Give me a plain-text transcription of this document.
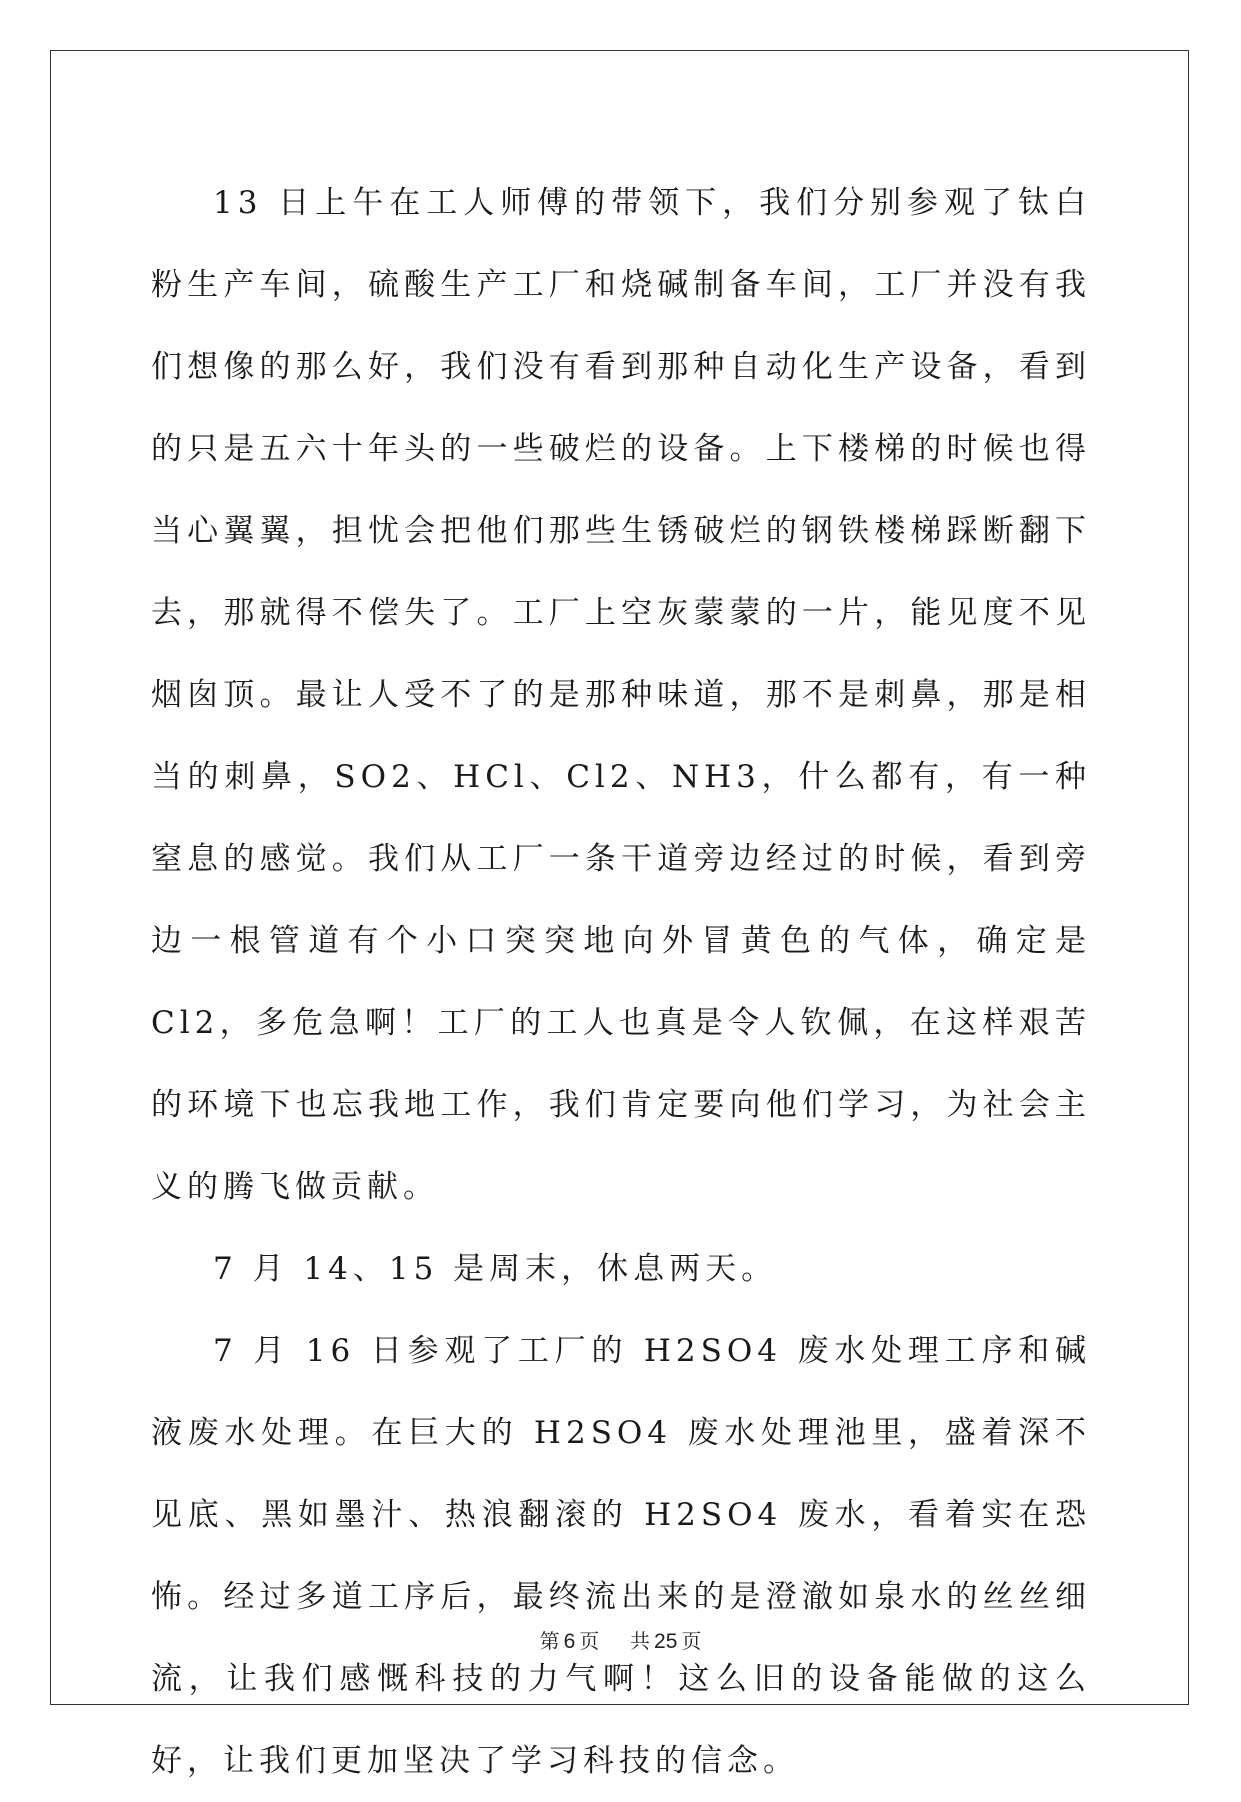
13 日上午在工人师傅的带领下，我们分别参观了钛白 粉生产车间，硫酸生产工厂和烧碱制备车间，工厂并没有我们想像的那么好，我们没有看到那种自动化生产设备，看到的只是五六十年头的一些破烂的设备。上下楼梯的时候也得当心翼翼，担忧会把他们那些生锈破烂的钢铁楼梯踩断翻下去，那就得不偿失了。工厂上空灰蒙蒙的一片，能见度不见烟囱顶。最让人受不了的是那种味道，那不是刺鼻，那是相当的刺鼻，SO2、HCl、Cl2、NH3，什么都有，有一种窒息的感觉。我们从工厂一条干道旁边经过的时候，看到旁边一根管道有个小口突突地向外冒黄色的气体，确定是 Cl2，多危急啊！工厂的工人也真是令人钦佩，在这样艰苦的环境下也忘我地工作，我们肯定要向他们学习，为社会主义的腾飞做贡献。

7 月 14、15 是周末，休息两天。

7 月 16 日参观了工厂的 H2SO4 废水处理工序和碱液废水处理。在巨大的 H2SO4 废水处理池里，盛着深不见底、黑如墨汁、热浪翻滚的 H2SO4 废水，看着实在恐怖。经过多道工序后，最终流出来的是澄澈如泉水的丝丝细流，让我们感慨科技的力气啊！这么旧的设备能做的这么好，让我们更加坚决了学习科技的信念。

第 6 页 共 25 页
